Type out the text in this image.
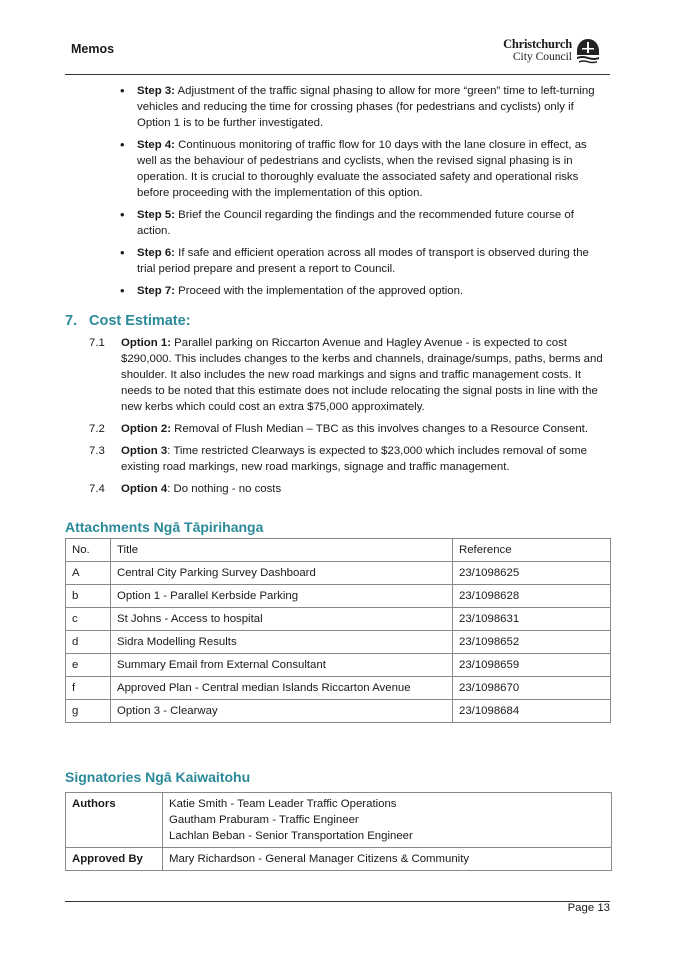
Memos	Christchurch
City Council
• Step 3: Adjustment of the traffic signal phasing to allow for more “green” time to left-turning vehicles and reducing the time for crossing phases (for pedestrians and cyclists) only if Option 1 is to be further investigated.
• Step 4: Continuous monitoring of traffic flow for 10 days with the lane closure in effect, as well as the behaviour of pedestrians and cyclists, when the revised signal phasing is in operation. It is crucial to thoroughly evaluate the associated safety and operational risks before proceeding with the implementation of this option.
• Step 5: Brief the Council regarding the findings and the recommended future course of action.
• Step 6: If safe and efficient operation across all modes of transport is observed during the trial period prepare and present a report to Council.
• Step 7: Proceed with the implementation of the approved option.
7. Cost Estimate:
7.1	Option 1: Parallel parking on Riccarton Avenue and Hagley Avenue - is expected to cost $290,000. This includes changes to the kerbs and channels, drainage/sumps, paths, berms and shoulder. It also includes the new road markings and signs and traffic management costs. It needs to be noted that this estimate does not include relocating the signal posts in line with the new kerbs which could cost an extra $75,000 approximately.
7.2	Option 2: Removal of Flush Median – TBC as this involves changes to a Resource Consent.
7.3	Option 3: Time restricted Clearways is expected to $23,000 which includes removal of some existing road markings, new road markings, signage and traffic management.
7.4	Option 4: Do nothing - no costs
Attachments Ngā Tāpirihanga
No.	Title	Reference
A	Central City Parking Survey Dashboard	23/1098625
b	Option 1 - Parallel Kerbside Parking	23/1098628
c	St Johns - Access to hospital	23/1098631
d	Sidra Modelling Results	23/1098652
e	Summary Email from External Consultant	23/1098659
f	Approved Plan - Central median Islands Riccarton Avenue	23/1098670
g	Option 3 - Clearway	23/1098684
Signatories Ngā Kaiwaitohu
Authors	Katie Smith - Team Leader Traffic Operations
Gautham Praburam - Traffic Engineer
Lachlan Beban - Senior Transportation Engineer

Approved By	Mary Richardson - General Manager Citizens & Community
Page 13
